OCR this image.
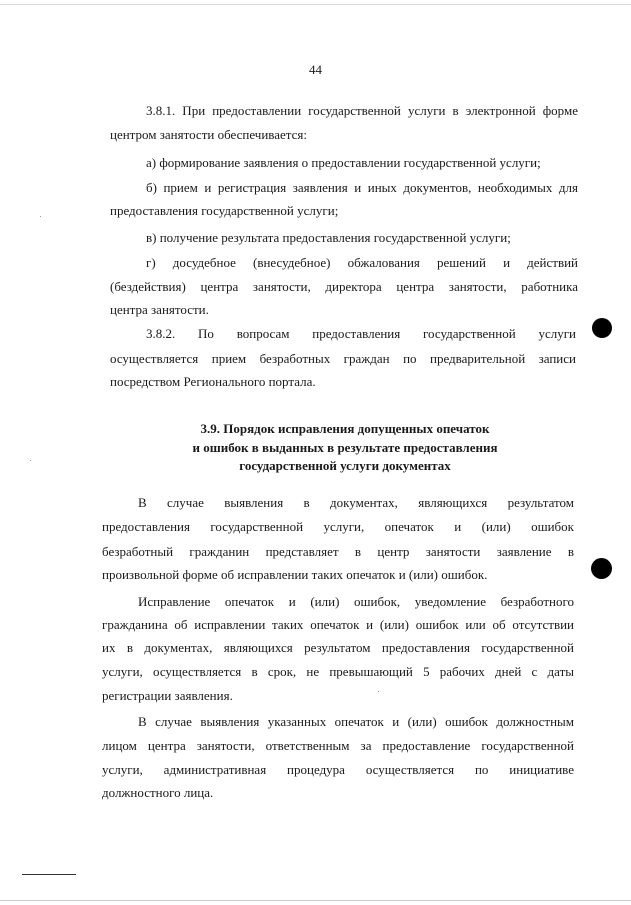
44
3.8.1. При предоставлении государственной услуги в электронной форме
центром занятости обеспечивается:
а) формирование заявления о предоставлении государственной услуги;
б) прием и регистрация заявления и иных документов, необходимых для
предоставления государственной услуги;
в) получение результата предоставления государственной услуги;
г) досудебное (внесудебное) обжалования решений и действий
(бездействия) центра занятости, директора центра занятости, работника
центра занятости.
3.8.2. По вопросам предоставления государственной услуги
осуществляется прием безработных граждан по предварительной записи
посредством Регионального портала.
3.9. Порядок исправления допущенных опечаток
и ошибок в выданных в результате предоставления
государственной услуги документах
В случае выявления в документах, являющихся результатом
предоставления государственной услуги, опечаток и (или) ошибок
безработный гражданин представляет в центр занятости заявление в
произвольной форме об исправлении таких опечаток и (или) ошибок.
Исправление опечаток и (или) ошибок, уведомление безработного
гражданина об исправлении таких опечаток и (или) ошибок или об отсутствии
их в документах, являющихся результатом предоставления государственной
услуги, осуществляется в срок, не превышающий 5 рабочих дней с даты
регистрации заявления.
В случае выявления указанных опечаток и (или) ошибок должностным
лицом центра занятости, ответственным за предоставление государственной
услуги, административная процедура осуществляется по инициативе
должностного лица.
